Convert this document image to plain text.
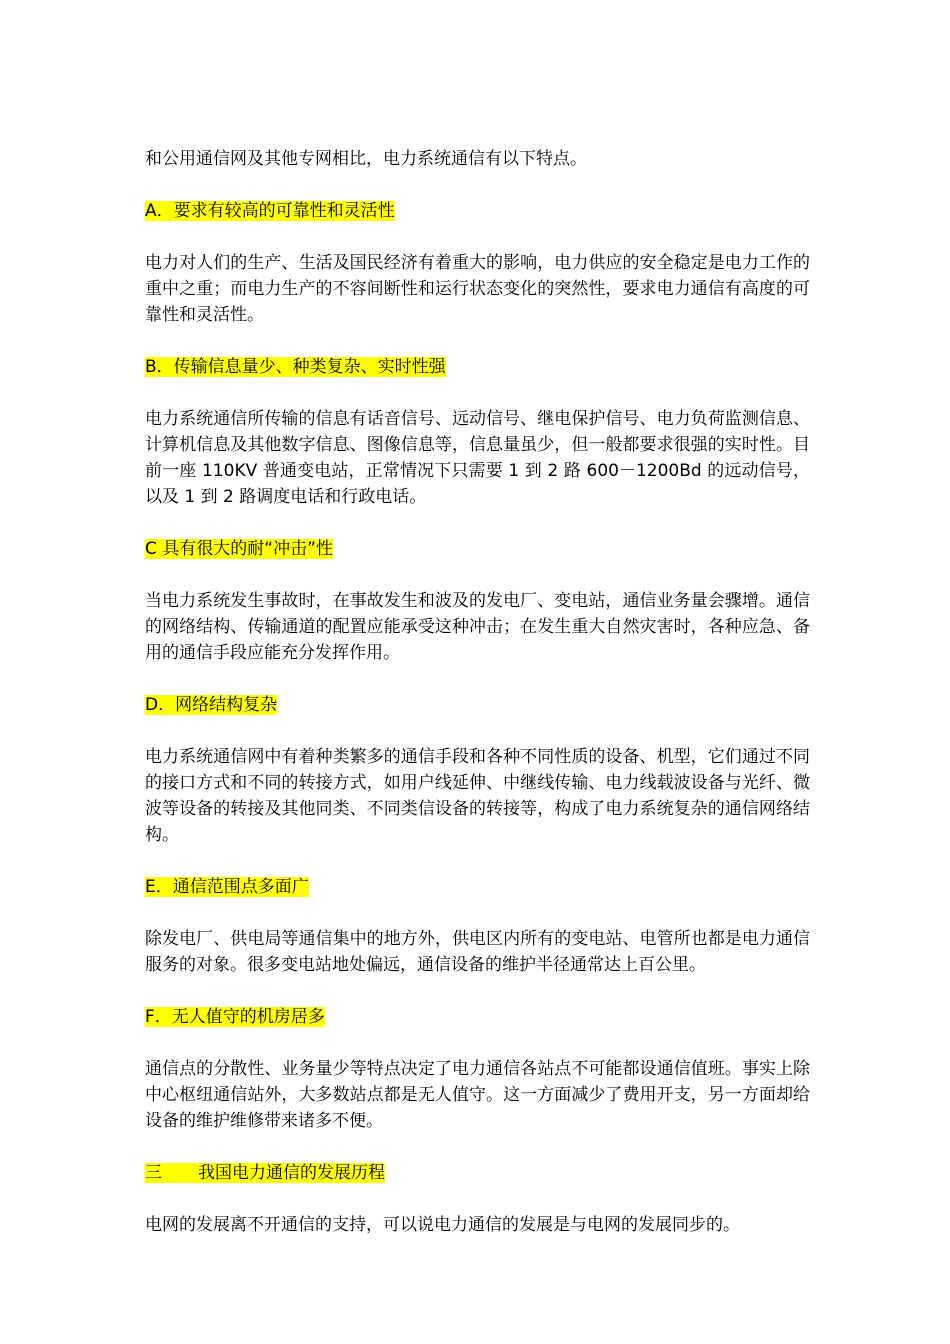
和公用通信网及其他专网相比，电力系统通信有以下特点。

A．要求有较高的可靠性和灵活性

电力对人们的生产、生活及国民经济有着重大的影响，电力供应的安全稳定是电力工作的重中之重；而电力生产的不容间断性和运行状态变化的突然性，要求电力通信有高度的可靠性和灵活性。

B．传输信息量少、种类复杂、实时性强

电力系统通信所传输的信息有话音信号、远动信号、继电保护信号、电力负荷监测信息、计算机信息及其他数字信息、图像信息等，信息量虽少，但一般都要求很强的实时性。目前一座 110KV 普通变电站，正常情况下只需要 1 到 2 路 600－1200Bd 的远动信号，以及 1 到 2 路调度电话和行政电话。

C 具有很大的耐“冲击”性

当电力系统发生事故时，在事故发生和波及的发电厂、变电站，通信业务量会骤增。通信的网络结构、传输通道的配置应能承受这种冲击；在发生重大自然灾害时，各种应急、备用的通信手段应能充分发挥作用。

D．网络结构复杂

电力系统通信网中有着种类繁多的通信手段和各种不同性质的设备、机型，它们通过不同的接口方式和不同的转接方式，如用户线延伸、中继线传输、电力线载波设备与光纤、微波等设备的转接及其他同类、不同类信设备的转接等，构成了电力系统复杂的通信网络结构。

E．通信范围点多面广

除发电厂、供电局等通信集中的地方外，供电区内所有的变电站、电管所也都是电力通信服务的对象。很多变电站地处偏远，通信设备的维护半径通常达上百公里。

F．无人值守的机房居多

通信点的分散性、业务量少等特点决定了电力通信各站点不可能都设通信值班。事实上除中心枢纽通信站外，大多数站点都是无人值守。这一方面减少了费用开支，另一方面却给设备的维护维修带来诸多不便。

三 我国电力通信的发展历程

电网的发展离不开通信的支持，可以说电力通信的发展是与电网的发展同步的。
